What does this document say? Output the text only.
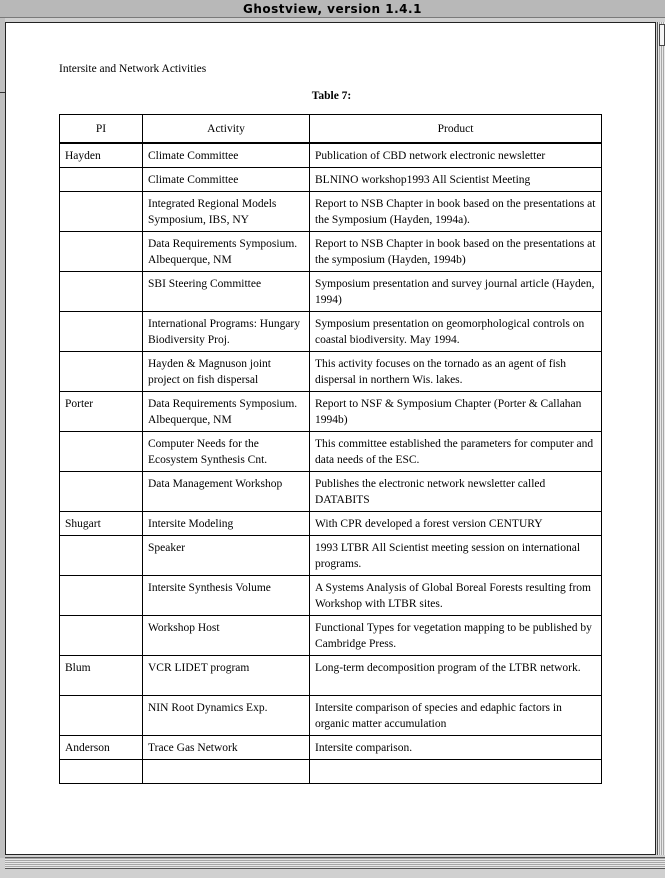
Ghostview, version 1.4.1
Intersite and Network Activities
Table 7:
PI	Activity	Product
Hayden	Climate Committee	Publication of CBD network electronic newsletter
	Climate Committee	BLNINO workshop1993 All Scientist Meeting
	Integrated Regional Models Symposium, IBS, NY	Report to NSB Chapter in book based on the presentations at the Symposium (Hayden, 1994a).
	Data Requirements Symposium. Albequerque, NM	Report to NSB Chapter in book based on the presentations at the symposium (Hayden, 1994b)
	SBI Steering Committee	Symposium presentation and survey journal article (Hayden, 1994)
	International Programs: Hungary Biodiversity Proj.	Symposium presentation on geomorphological controls on coastal biodiversity. May 1994.
	Hayden & Magnuson joint project on fish dispersal	This activity focuses on the tornado as an agent of fish dispersal in northern Wis. lakes.
Porter	Data Requirements Symposium. Albequerque, NM	Report to NSF & Symposium Chapter (Porter & Callahan 1994b)
	Computer Needs for the Ecosystem Synthesis Cnt.	This committee established the parameters for computer and data needs of the ESC.
	Data Management Workshop	Publishes the electronic network newsletter called DATABITS
Shugart	Intersite Modeling	With CPR developed a forest version CENTURY
	Speaker	1993 LTBR All Scientist meeting session on international programs.
	Intersite Synthesis Volume	A Systems Analysis of Global Boreal Forests resulting from Workshop with LTBR sites.
	Workshop Host	Functional Types for vegetation mapping to be published by Cambridge Press.
Blum	VCR LIDET program	Long-term decomposition program of the LTBR network.
	NIN Root Dynamics Exp.	Intersite comparison of species and edaphic factors in organic matter accumulation
Anderson	Trace Gas Network	Intersite comparison.
